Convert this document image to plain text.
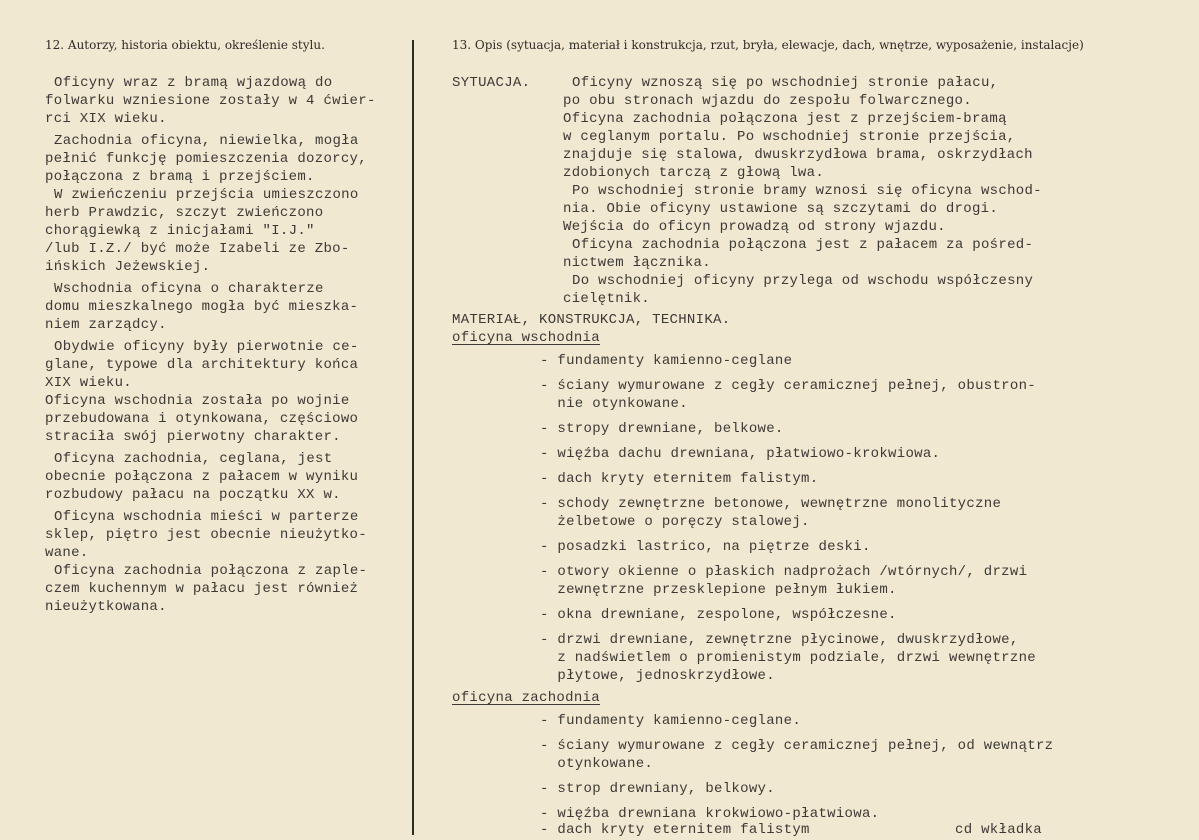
12. Autorzy, historia obiektu, określenie stylu.	13. Opis (sytuacja, materiał i konstrukcja, rzut, bryła, elewacje, dach, wnętrze, wyposażenie, instalacje)
Oficyny wraz z bramą wjazdową do
folwarku wzniesione zostały w 4 ćwier-
rci XIX wieku.
Zachodnia oficyna, niewielka, mogła
pełnić funkcję pomieszczenia dozorcy,
połączona z bramą i przejściem.
W zwieńczeniu przejścia umieszczono
herb Prawdzic, szczyt zwieńczono
chorągiewką z inicjałami "I.J."
/lub I.Z./ być może Izabeli ze Zbo-
ińskich Jeżewskiej.
Wschodnia oficyna o charakterze
domu mieszkalnego mogła być mieszka-
niem zarządcy.
Obydwie oficyny były pierwotnie ce-
glane, typowe dla architektury końca
XIX wieku.
Oficyna wschodnia została po wojnie
przebudowana i otynkowana, częściowo
straciła swój pierwotny charakter.
Oficyna zachodnia, ceglana, jest
obecnie połączona z pałacem w wyniku
rozbudowy pałacu na początku XX w.
Oficyna wschodnia mieści w parterze
sklep, piętro jest obecnie nieużytko-
wane.
Oficyna zachodnia połączona z zaple-
czem kuchennym w pałacu jest również
nieużytkowana.
SYTUACJA.	Oficyny wznoszą się po wschodniej stronie pałacu,
po obu stronach wjazdu do zespołu folwarcznego.
Oficyna zachodnia połączona jest z przejściem-bramą
w ceglanym portalu. Po wschodniej stronie przejścia,
znajduje się stalowa, dwuskrzydłowa brama, oskrzydłach
zdobionych tarczą z głową lwa.
Po wschodniej stronie bramy wznosi się oficyna wschod-
nia. Obie oficyny ustawione są szczytami do drogi.
Wejścia do oficyn prowadzą od strony wjazdu.
Oficyna zachodnia połączona jest z pałacem za pośred-
nictwem łącznika.
Do wschodniej oficyny przylega od wschodu współczesny
cielętnik.
MATERIAŁ, KONSTRUKCJA, TECHNIKA.
oficyna wschodnia
- fundamenty kamienno-ceglane
- ściany wymurowane z cegły ceramicznej pełnej, obustron-
nie otynkowane.
- stropy drewniane, belkowe.
- więźba dachu drewniana, płatwiowo-krokwiowa.
- dach kryty eternitem falistym.
- schody zewnętrzne betonowe, wewnętrzne monolityczne
żelbetowe o poręczy stalowej.
- posadzki lastrico, na piętrze deski.
- otwory okienne o płaskich nadprożach /wtórnych/, drzwi
zewnętrzne przesklepione pełnym łukiem.
- okna drewniane, zespolone, współczesne.
- drzwi drewniane, zewnętrzne płycinowe, dwuskrzydłowe,
z nadświetlem o promienistym podziale, drzwi wewnętrzne
płytowe, jednoskrzydłowe.
oficyna zachodnia
- fundamenty kamienno-ceglane.
- ściany wymurowane z cegły ceramicznej pełnej, od wewnątrz
otynkowane.
- strop drewniany, belkowy.
- więźba drewniana krokwiowo-płatwiowa.
- dach kryty eternitem falistym	cd wkładka
